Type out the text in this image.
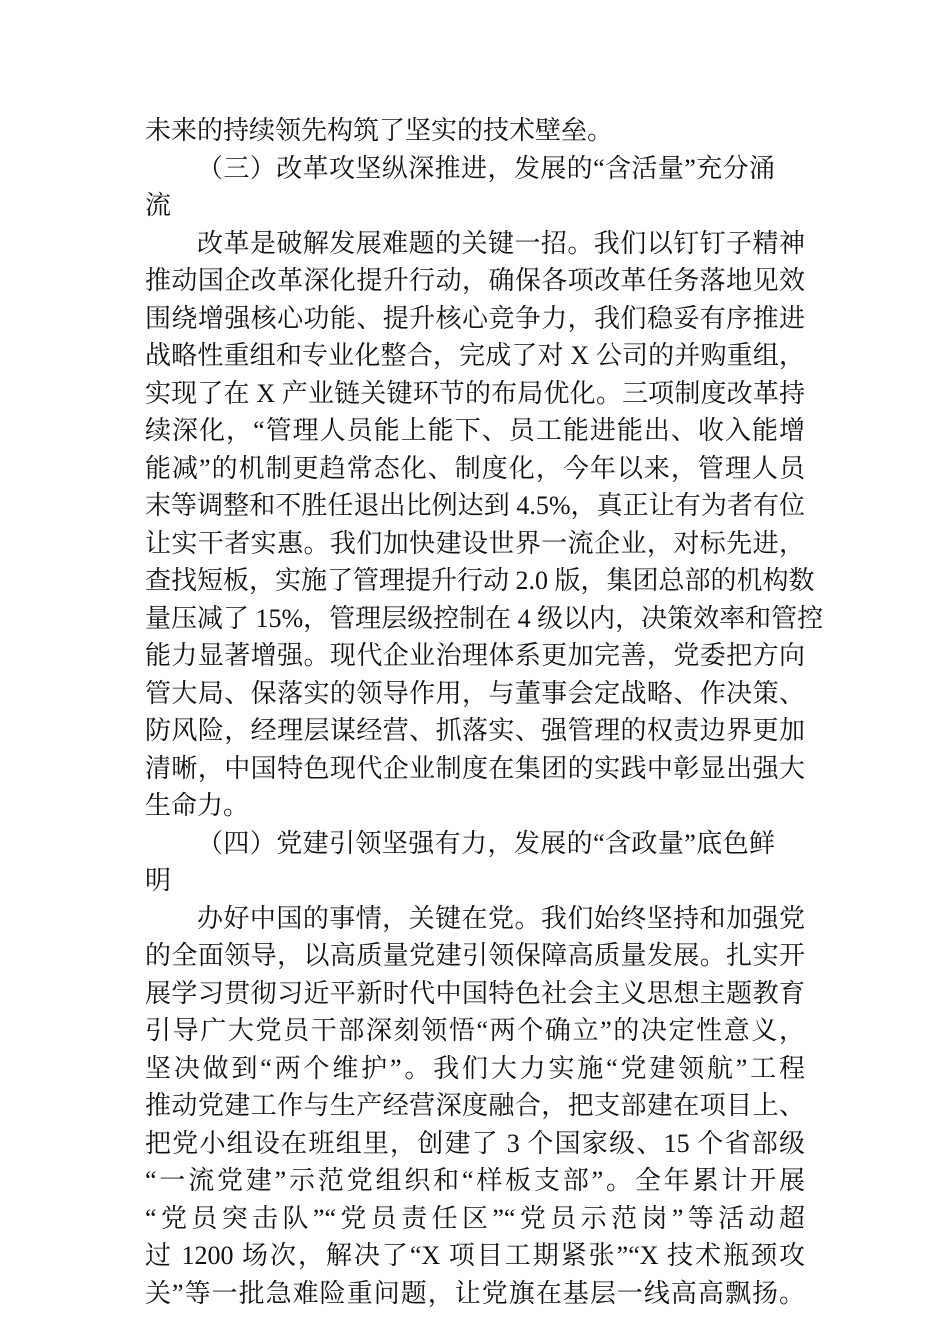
未来的持续领先构筑了坚实的技术壁垒。
（三）改革攻坚纵深推进，发展的“含活量”充分涌
流
改革是破解发展难题的关键一招。我们以钉钉子精神
推动国企改革深化提升行动，确保各项改革任务落地见效
围绕增强核心功能、提升核心竞争力，我们稳妥有序推进
战略性重组和专业化整合，完成了对 X 公司的并购重组，
实现了在 X 产业链关键环节的布局优化。三项制度改革持
续深化，“管理人员能上能下、员工能进能出、收入能增
能减”的机制更趋常态化、制度化，今年以来，管理人员
末等调整和不胜任退出比例达到 4.5%，真正让有为者有位
让实干者实惠。我们加快建设世界一流企业，对标先进，
查找短板，实施了管理提升行动 2.0 版，集团总部的机构数
量压减了 15%，管理层级控制在 4 级以内，决策效率和管控
能力显著增强。现代企业治理体系更加完善，党委把方向
管大局、保落实的领导作用，与董事会定战略、作决策、
防风险，经理层谋经营、抓落实、强管理的权责边界更加
清晰，中国特色现代企业制度在集团的实践中彰显出强大
生命力。
（四）党建引领坚强有力，发展的“含政量”底色鲜
明
办好中国的事情，关键在党。我们始终坚持和加强党
的全面领导，以高质量党建引领保障高质量发展。扎实开
展学习贯彻习近平新时代中国特色社会主义思想主题教育
引导广大党员干部深刻领悟“两个确立”的决定性意义，
坚决做到“两个维护”。我们大力实施“党建领航”工程
推动党建工作与生产经营深度融合，把支部建在项目上、
把党小组设在班组里，创建了 3 个国家级、15 个省部级
“一流党建”示范党组织和“样板支部”。全年累计开展
“党员突击队”“党员责任区”“党员示范岗”等活动超
过 1200 场次，解决了“X 项目工期紧张”“X 技术瓶颈攻
关”等一批急难险重问题，让党旗在基层一线高高飘扬。
